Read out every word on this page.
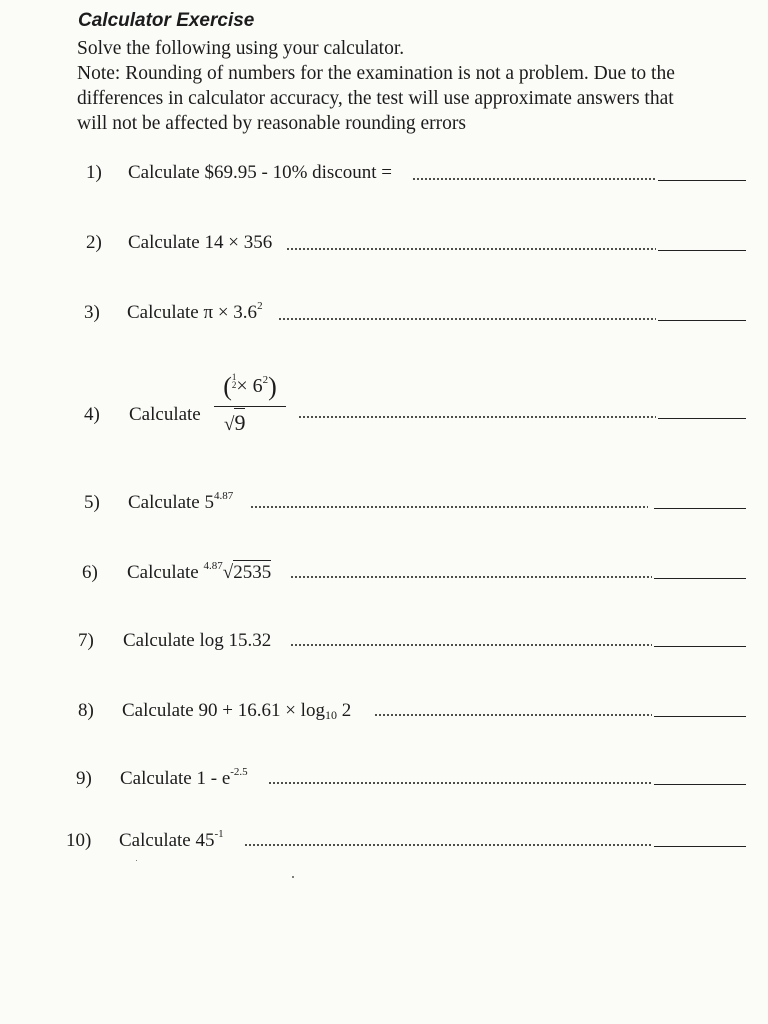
Calculator Exercise
Solve the following using your calculator.
Note: Rounding of numbers for the examination is not a problem. Due to the
differences in calculator accuracy, the test will use approximate answers that
will not be affected by reasonable rounding errors
1) Calculate $69.95 - 10% discount =
2) Calculate 14 × 356
3) Calculate $\pi \times 3.6^2$
4) Calculate
(1
$2\times 6^2$)
√9
5) Calculate $5^{4.87}$
6) Calculate $^{4.87}$√2535
7) Calculate log 15.32
8) Calculate $90 + 16.61 \times \log_{10} 2$
9) Calculate $1 - e^{-2.5}$
10) Calculate $45^{-1}$
